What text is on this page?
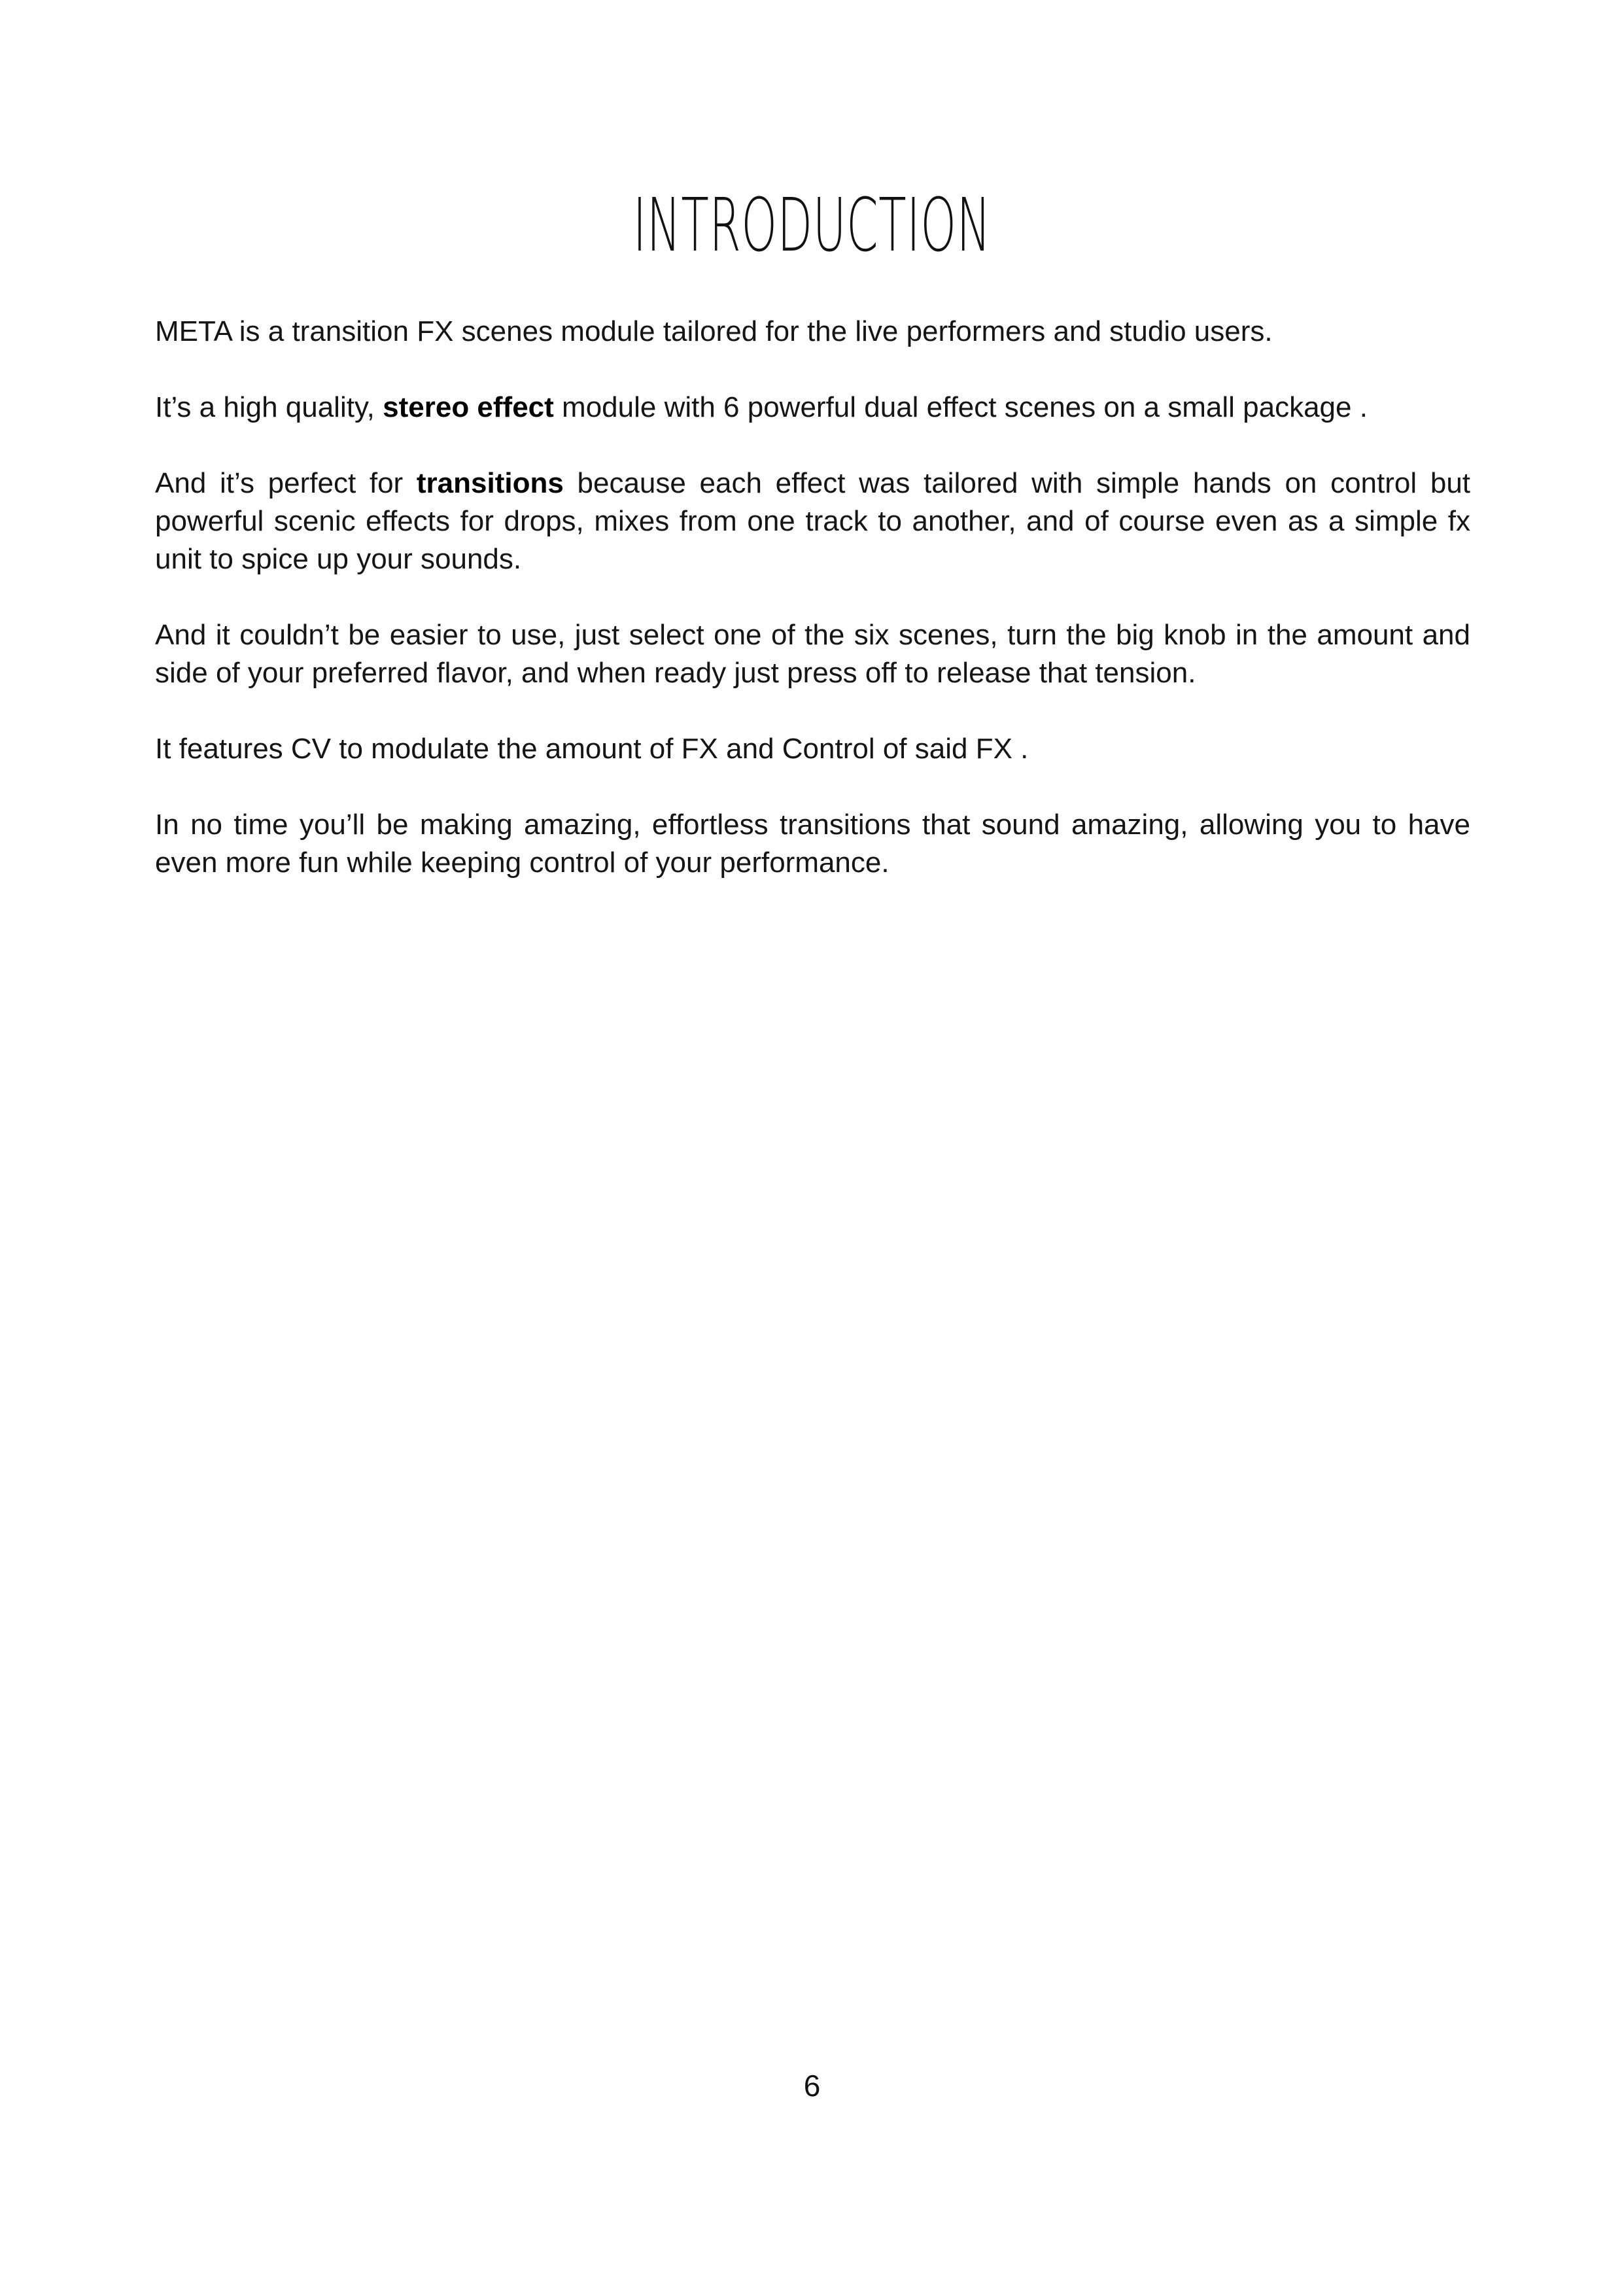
INTRODUCTION

META is a transition FX scenes module tailored for the live performers and studio users.

It’s a high quality, stereo effect module with 6 powerful dual effect scenes on a small package .

And it’s perfect for transitions because each effect was tailored with simple hands on control but powerful scenic effects for drops, mixes from one track to another, and of course even as a simple fx unit to spice up your sounds.

And it couldn’t be easier to use, just select one of the six scenes, turn the big knob in the amount and side of your preferred flavor, and when ready just press off to release that tension.

It features CV to modulate the amount of FX and Control of said FX .

In no time you’ll be making amazing, effortless transitions that sound amazing, allowing you to have even more fun while keeping control of your performance.

6
